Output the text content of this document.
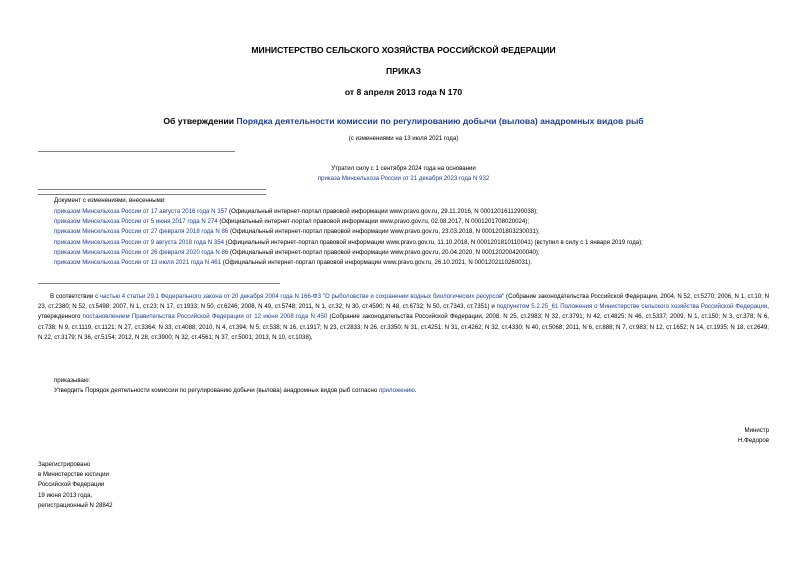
МИНИСТЕРСТВО СЕЛЬСКОГО ХОЗЯЙСТВА РОССИЙСКОЙ ФЕДЕРАЦИИ
ПРИКАЗ
от 8 апреля 2013 года N 170
Об утверждении Порядка деятельности комиссии по регулированию добычи (вылова) анадромных видов рыб
(с изменениями на 13 июля 2021 года)
Утратил силу с 1 сентября 2024 года на основании
приказа Минсельхоза России от 21 декабря 2023 года N 932
Документ с изменениями, внесенными:
приказом Минсельхоза России от 17 августа 2016 года N 357 (Официальный интернет-портал правовой информации www.pravo.gov.ru, 29.11.2016, N 0001201611290038);
приказом Минсельхоза России от 5 июня 2017 года N 274 (Официальный интернет-портал правовой информации www.pravo.gov.ru, 02.08.2017, N 0001201708020024);
приказом Минсельхоза России от 27 февраля 2018 года N 86 (Официальный интернет-портал правовой информации www.pravo.gov.ru, 23.03.2018, N 0001201803230031);
приказом Минсельхоза России от 9 августа 2018 года N 354 (Официальный интернет-портал правовой информации www.pravo.gov.ru, 11.10.2018, N 0001201810110041) (вступил в силу с 1 января 2019 года);
приказом Минсельхоза России от 26 февраля 2020 года N 86 (Официальный интернет-портал правовой информации www.pravo.gov.ru, 20.04.2020, N 0001202004200040);
приказом Минсельхоза России от 13 июля 2021 года N 461 (Официальный интернет-портал правовой информации www.pravo.gov.ru, 26.10.2021, N 0001202110260031).
В соответствии с частью 4 статьи 29.1 Федерального закона от 20 декабря 2004 года N 166-ФЗ "О рыболовстве и сохранении водных биологических ресурсов" (Собрание законодательства Российской Федерации, 2004, N 52, ст.5270; 2006, N 1, ст.10; N 23, ст.2380; N 52, ст.5498; 2007, N 1, ст.23; N 17, ст.1933; N 50, ст.6246; 2008, N 49, ст.5748; 2011, N 1, ст.32; N 30, ст.4590; N 48, ст.6732; N 50, ст.7343, ст.7351) и подпунктом 5.2.25_61 Положения о Министерстве сельского хозяйства Российской Федерации, утвержденного постановлением Правительства Российской Федерации от 12 июня 2008 года N 450 (Собрание законодательства Российской Федерации, 2008, N 25, ст.2983; N 32, ст.3791; N 42, ст.4825; N 46, ст.5337; 2009, N 1, ст.150; N 3, ст.378; N 6, ст.738; N 9, ст.1119, ст.1121; N 27, ст.3364; N 33, ст.4088; 2010, N 4, ст.394; N 5, ст.538; N 16, ст.1917; N 23, ст.2833; N 26, ст.3350; N 31, ст.4251; N 31, ст.4262; N 32, ст.4330; N 40, ст.5068; 2011, N 6, ст.888; N 7, ст.983; N 12, ст.1652; N 14, ст.1935; N 18, ст.2649; N 22, ст.3179; N 36, ст.5154; 2012, N 28, ст.3900; N 32, ст.4561; N 37, ст.5001; 2013, N 10, ст.1038),
приказываю:
Утвердить Порядок деятельности комиссии по регулированию добычи (вылова) анадромных видов рыб согласно приложению.
Министр
Н.Федоров
Зарегистрировано
в Министерстве юстиции
Российской Федерации
19 июня 2013 года,
регистрационный N 28842
